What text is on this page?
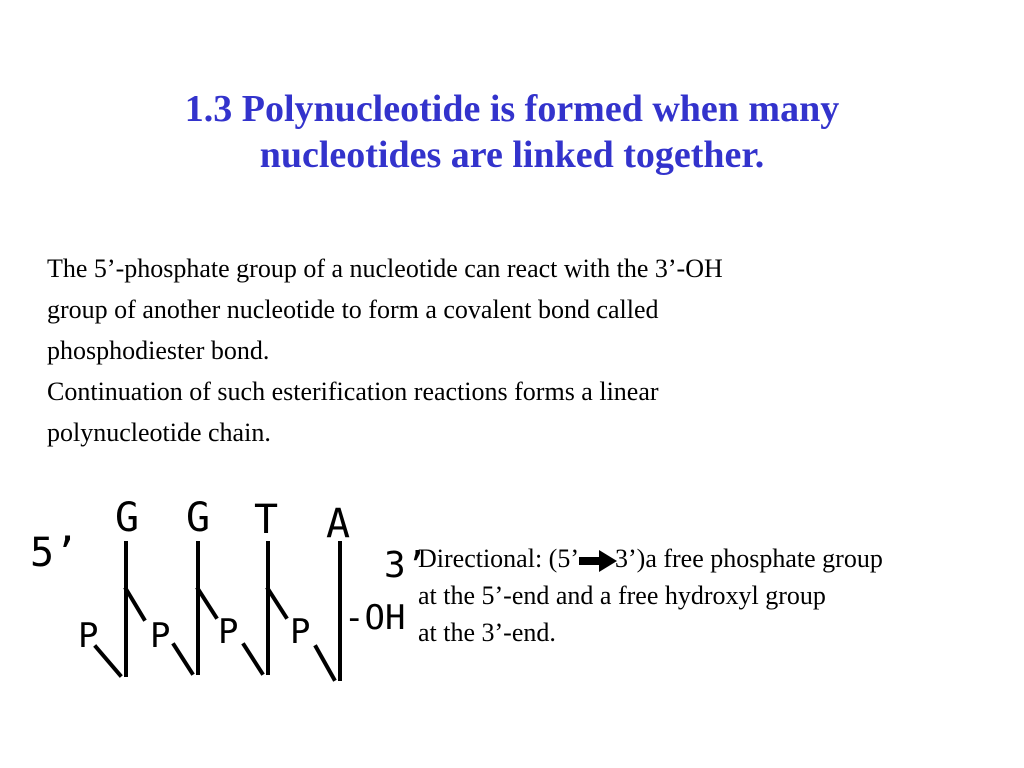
1.3 Polynucleotide is formed when many
nucleotides are linked together.
The 5’-phosphate group of a nucleotide can react with the 3’-OH
group of another nucleotide to form a covalent bond called
phosphodiester bond.
Continuation of such esterification reactions forms a linear
polynucleotide chain.
5’
G G T A
P P P P -OH
3’
Directional: (5’ 3’)a free phosphate group
at the 5’-end and a free hydroxyl group
at the 3’-end.
